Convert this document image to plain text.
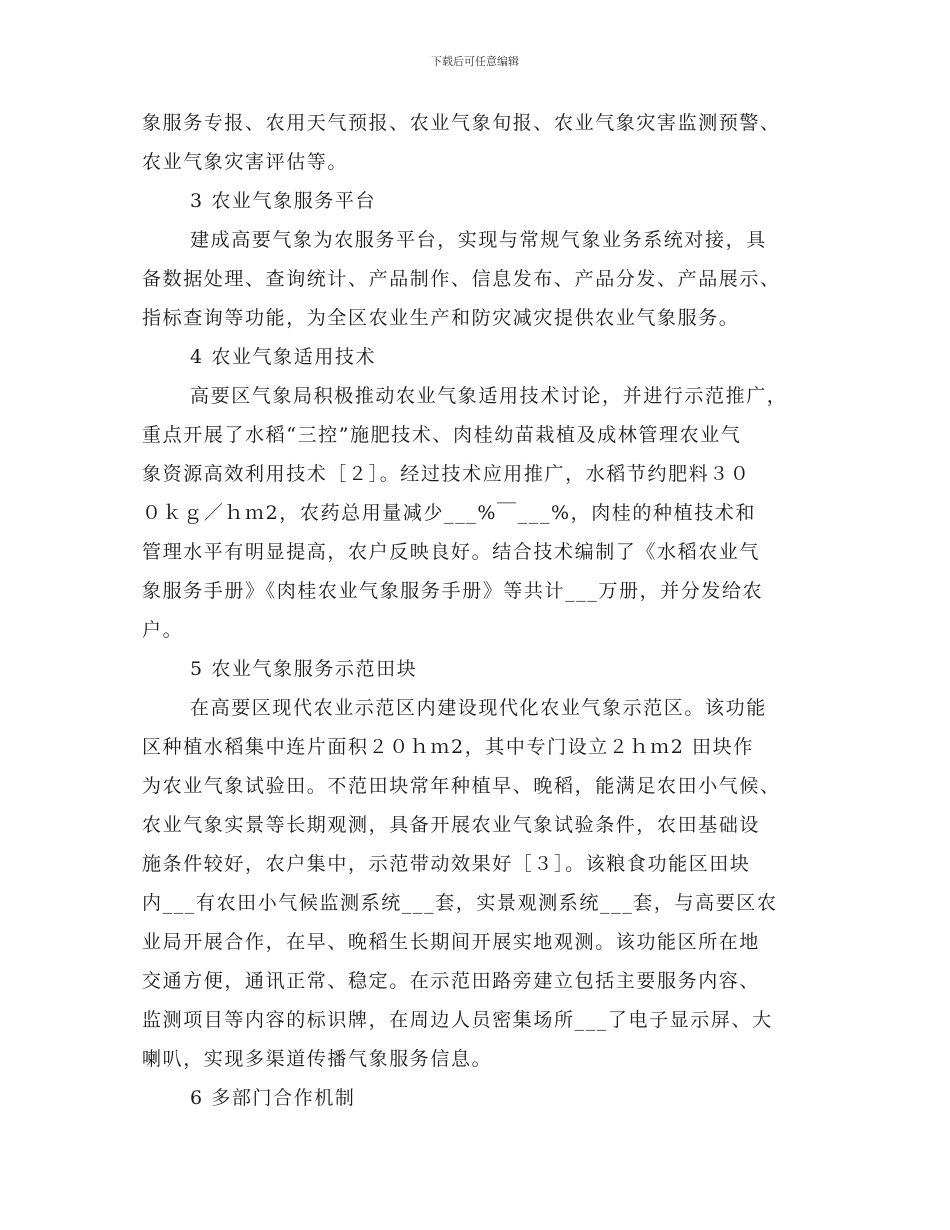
下载后可任意编辑
象服务专报、农用天气预报、农业气象旬报、农业气象灾害监测预警、
农业气象灾害评估等。
3 农业气象服务平台
建成高要气象为农服务平台，实现与常规气象业务系统对接，具
备数据处理、查询统计、产品制作、信息发布、产品分发、产品展示、
指标查询等功能，为全区农业生产和防灾减灾提供农业气象服务。
4 农业气象适用技术
高要区气象局积极推动农业气象适用技术讨论，并进行示范推广，
重点开展了水稻“三控”施肥技术、肉桂幼苗栽植及成林管理农业气
象资源高效利用技术［２］。经过技术应用推广，水稻节约肥料３０
０ｋｇ／ｈｍ2，农药总用量减少___%￣___%，肉桂的种植技术和
管理水平有明显提高，农户反映良好。结合技术编制了《水稻农业气
象服务手册》《肉桂农业气象服务手册》等共计___万册，并分发给农
户。
5 农业气象服务示范田块
在高要区现代农业示范区内建设现代化农业气象示范区。该功能
区种植水稻集中连片面积２０ｈｍ2，其中专门设立２ｈｍ2 田块作
为农业气象试验田。不范田块常年种植早、晚稻，能满足农田小气候、
农业气象实景等长期观测，具备开展农业气象试验条件，农田基础设
施条件较好，农户集中，示范带动效果好［３］。该粮食功能区田块
内___有农田小气候监测系统___套，实景观测系统___套，与高要区农
业局开展合作，在早、晚稻生长期间开展实地观测。该功能区所在地
交通方便，通讯正常、稳定。在示范田路旁建立包括主要服务内容、
监测项目等内容的标识牌，在周边人员密集场所___了电子显示屏、大
喇叭，实现多渠道传播气象服务信息。
6 多部门合作机制
